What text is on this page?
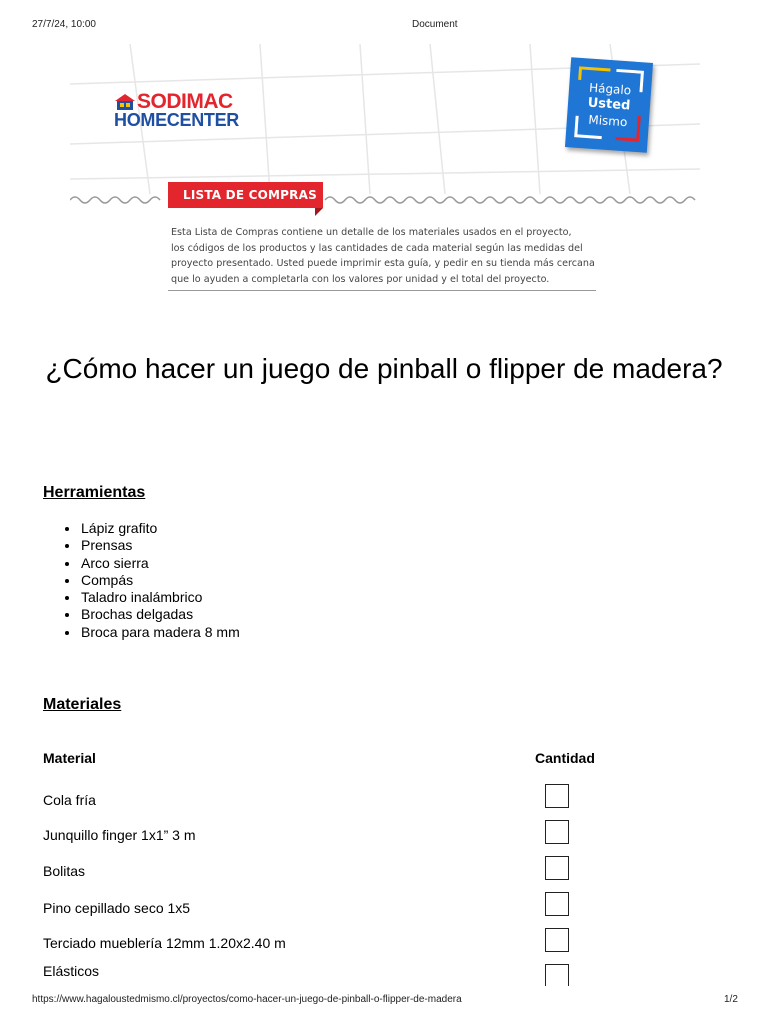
27/7/24, 10:00	Document
SODIMAC
HOMECENTER
Hágalo
Usted
Mismo
LISTA DE COMPRAS
Esta Lista de Compras contiene un detalle de los materiales usados en el proyecto,
los códigos de los productos y las cantidades de cada material según las medidas del
proyecto presentado. Usted puede imprimir esta guía, y pedir en su tienda más cercana
que lo ayuden a completarla con los valores por unidad y el total del proyecto.
¿Cómo hacer un juego de pinball o flipper de madera?
Herramientas
Lápiz grafito
Prensas
Arco sierra
Compás
Taladro inalámbrico
Brochas delgadas
Broca para madera 8 mm
Materiales
Material	Cantidad
Cola fría
Junquillo finger 1x1” 3 m
Bolitas
Pino cepillado seco 1x5
Terciado mueblería 12mm 1.20x2.40 m
Elásticos
https://www.hagaloustedmismo.cl/proyectos/como-hacer-un-juego-de-pinball-o-flipper-de-madera	1/2
